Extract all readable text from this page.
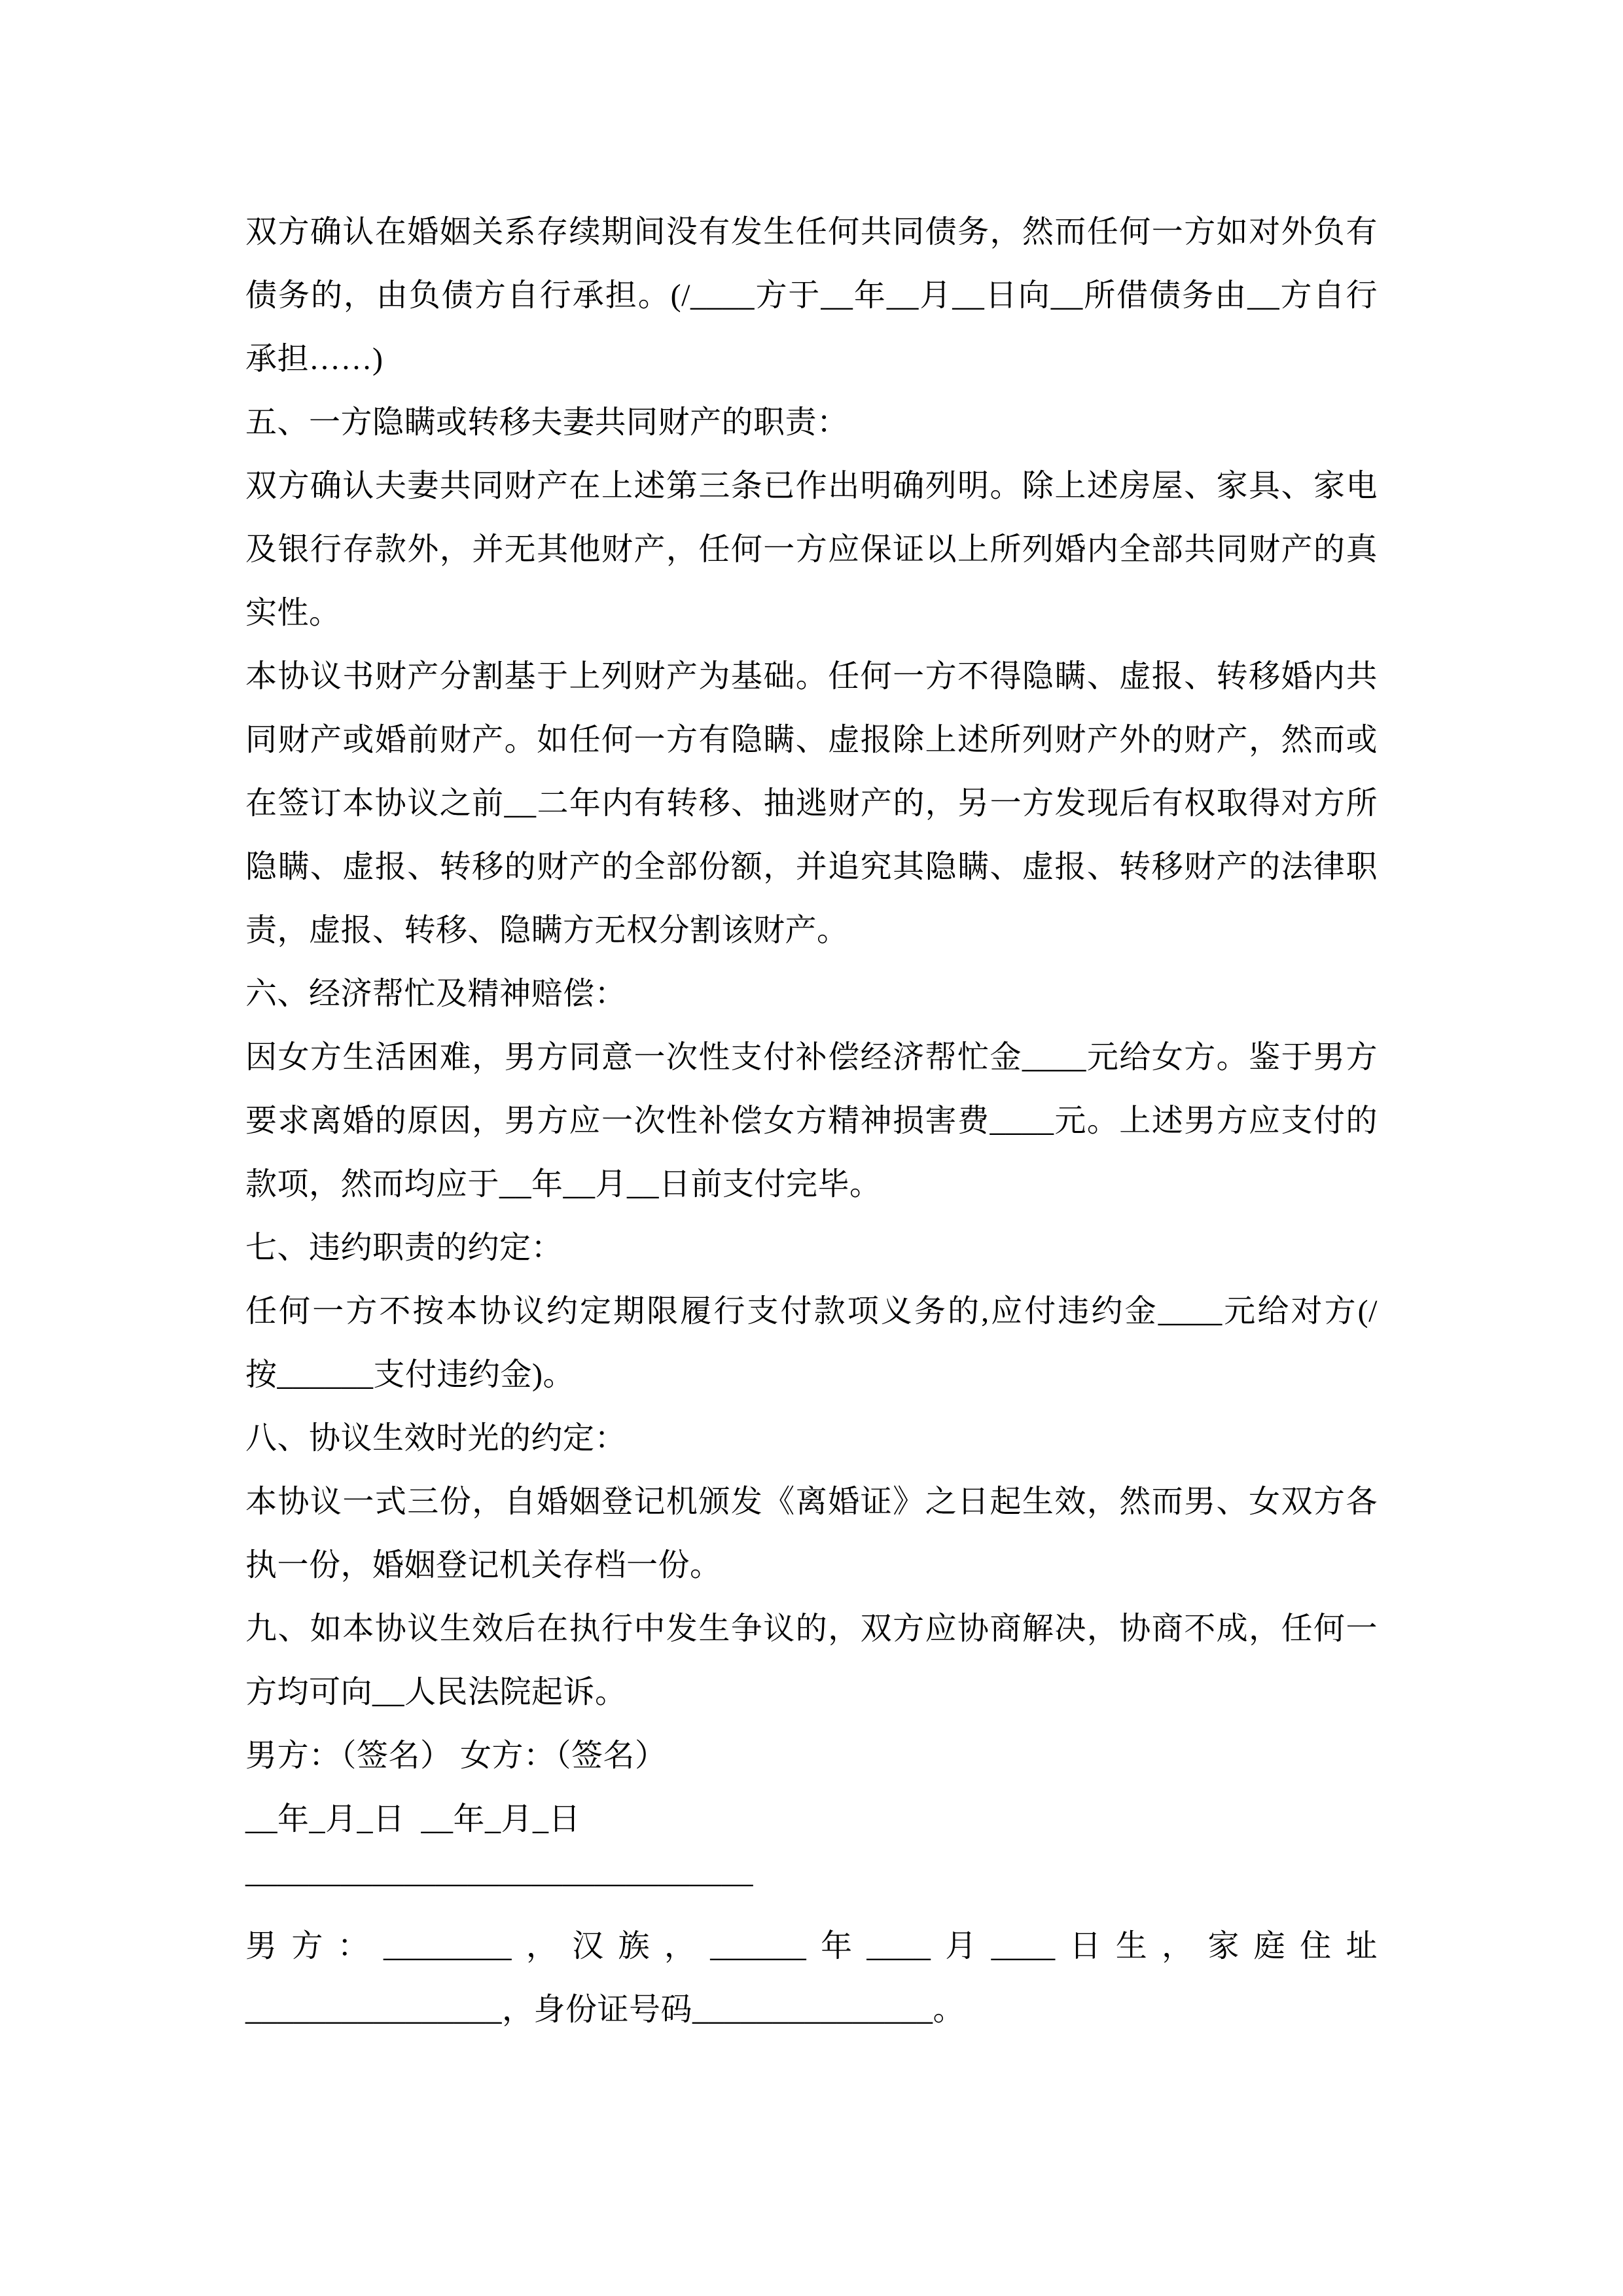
双方确认在婚姻关系存续期间没有发生任何共同债务，然而任何一方如对外负有
债务的，由负债方自行承担。(/____方于__年__月__日向__所借债务由__方自行
承担……)
五、一方隐瞒或转移夫妻共同财产的职责：
双方确认夫妻共同财产在上述第三条已作出明确列明。除上述房屋、家具、家电
及银行存款外，并无其他财产，任何一方应保证以上所列婚内全部共同财产的真
实性。
本协议书财产分割基于上列财产为基础。任何一方不得隐瞒、虚报、转移婚内共
同财产或婚前财产。如任何一方有隐瞒、虚报除上述所列财产外的财产，然而或
在签订本协议之前__二年内有转移、抽逃财产的，另一方发现后有权取得对方所
隐瞒、虚报、转移的财产的全部份额，并追究其隐瞒、虚报、转移财产的法律职
责，虚报、转移、隐瞒方无权分割该财产。
六、经济帮忙及精神赔偿：
因女方生活困难，男方同意一次性支付补偿经济帮忙金____元给女方。鉴于男方
要求离婚的原因，男方应一次性补偿女方精神损害费____元。上述男方应支付的
款项，然而均应于__年__月__日前支付完毕。
七、违约职责的约定：
任何一方不按本协议约定期限履行支付款项义务的,应付违约金____元给对方(/
按______支付违约金)。
八、协议生效时光的约定：
本协议一式三份，自婚姻登记机颁发《离婚证》之日起生效，然而男、女双方各
执一份，婚姻登记机关存档一份。
九、如本协议生效后在执行中发生争议的，双方应协商解决，协商不成，任何一
方均可向__人民法院起诉。
男方：（签名） 女方：（签名）
__年_月_日  __年_月_日
————————————————
男方：________，汉族，______年____月____日生，家庭住址
________________，身份证号码_______________。
